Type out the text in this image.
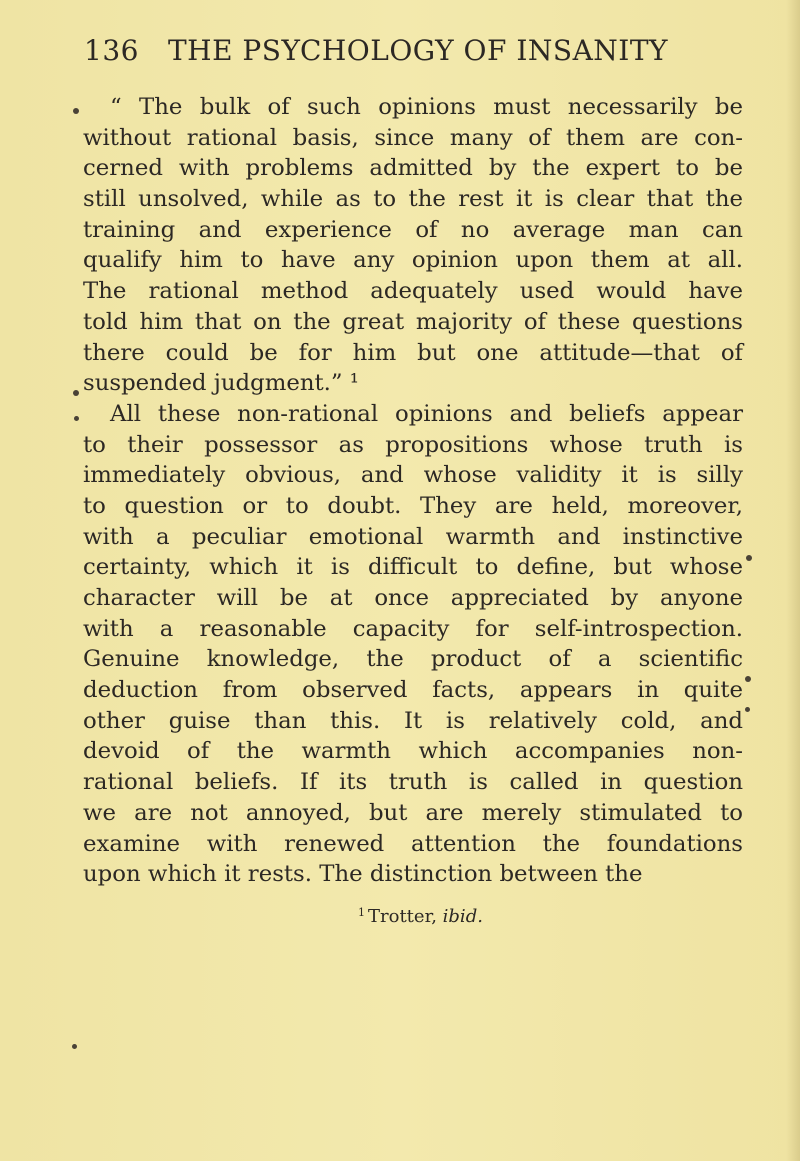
136 THE PSYCHOLOGY OF INSANITY
“ The bulk of such opinions must necessarily be
without rational basis, since many of them are con-
cerned with problems admitted by the expert to be
still unsolved, while as to the rest it is clear that the
training and experience of no average man can
qualify him to have any opinion upon them at all.
The rational method adequately used would have
told him that on the great majority of these questions
there could be for him but one attitude—that of
suspended judgment.” ¹
All these non-rational opinions and beliefs appear
to their possessor as propositions whose truth is
immediately obvious, and whose validity it is silly
to question or to doubt. They are held, moreover,
with a peculiar emotional warmth and instinctive
certainty, which it is difficult to define, but whose
character will be at once appreciated by anyone
with a reasonable capacity for self-introspection.
Genuine knowledge, the product of a scientific
deduction from observed facts, appears in quite
other guise than this. It is relatively cold, and
devoid of the warmth which accompanies non-
rational beliefs. If its truth is called in question
we are not annoyed, but are merely stimulated to
examine with renewed attention the foundations
upon which it rests. The distinction between the
$^1$ Trotter, ibid.
